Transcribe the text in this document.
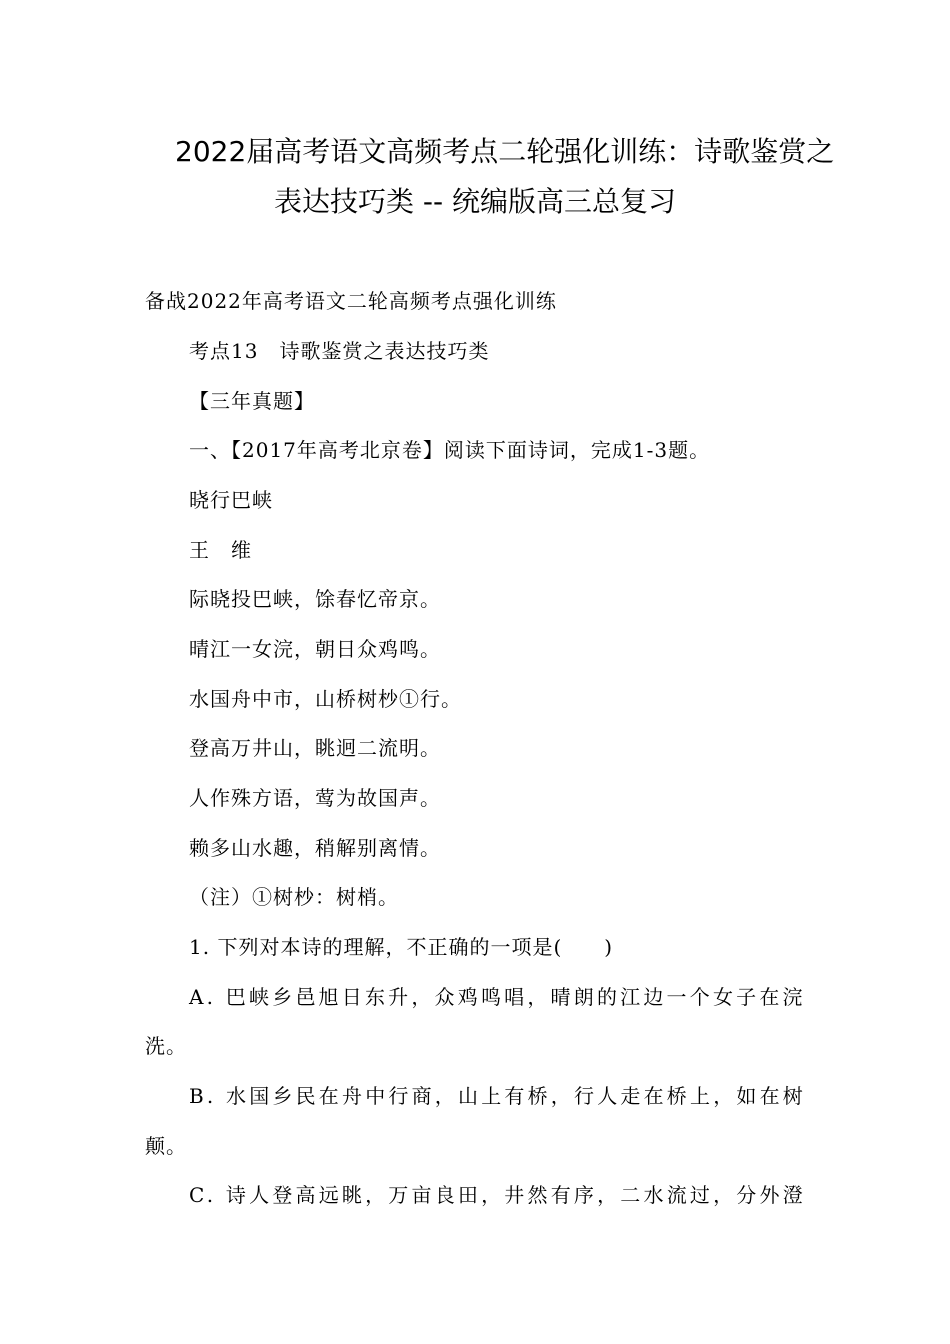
2022届高考语文高频考点二轮强化训练：诗歌鉴赏之
表达技巧类 -- 统编版高三总复习
备战2022年高考语文二轮高频考点强化训练
考点13　诗歌鉴赏之表达技巧类
【三年真题】
一、【2017年高考北京卷】阅读下面诗词，完成1-3题。
晓行巴峡
王　维
际晓投巴峡，馀春忆帝京。
晴江一女浣，朝日众鸡鸣。
水国舟中市，山桥树杪①行。
登高万井山，眺迥二流明。
人作殊方语，莺为故国声。
赖多山水趣，稍解别离情。
（注）①树杪：树梢。
1. 下列对本诗的理解，不正确的一项是(　　)
A. 巴峡乡邑旭日东升，众鸡鸣唱，晴朗的江边一个女子在浣
洗。
B. 水国乡民在舟中行商，山上有桥，行人走在桥上，如在树
颠。
C. 诗人登高远眺，万亩良田，井然有序，二水流过，分外澄
